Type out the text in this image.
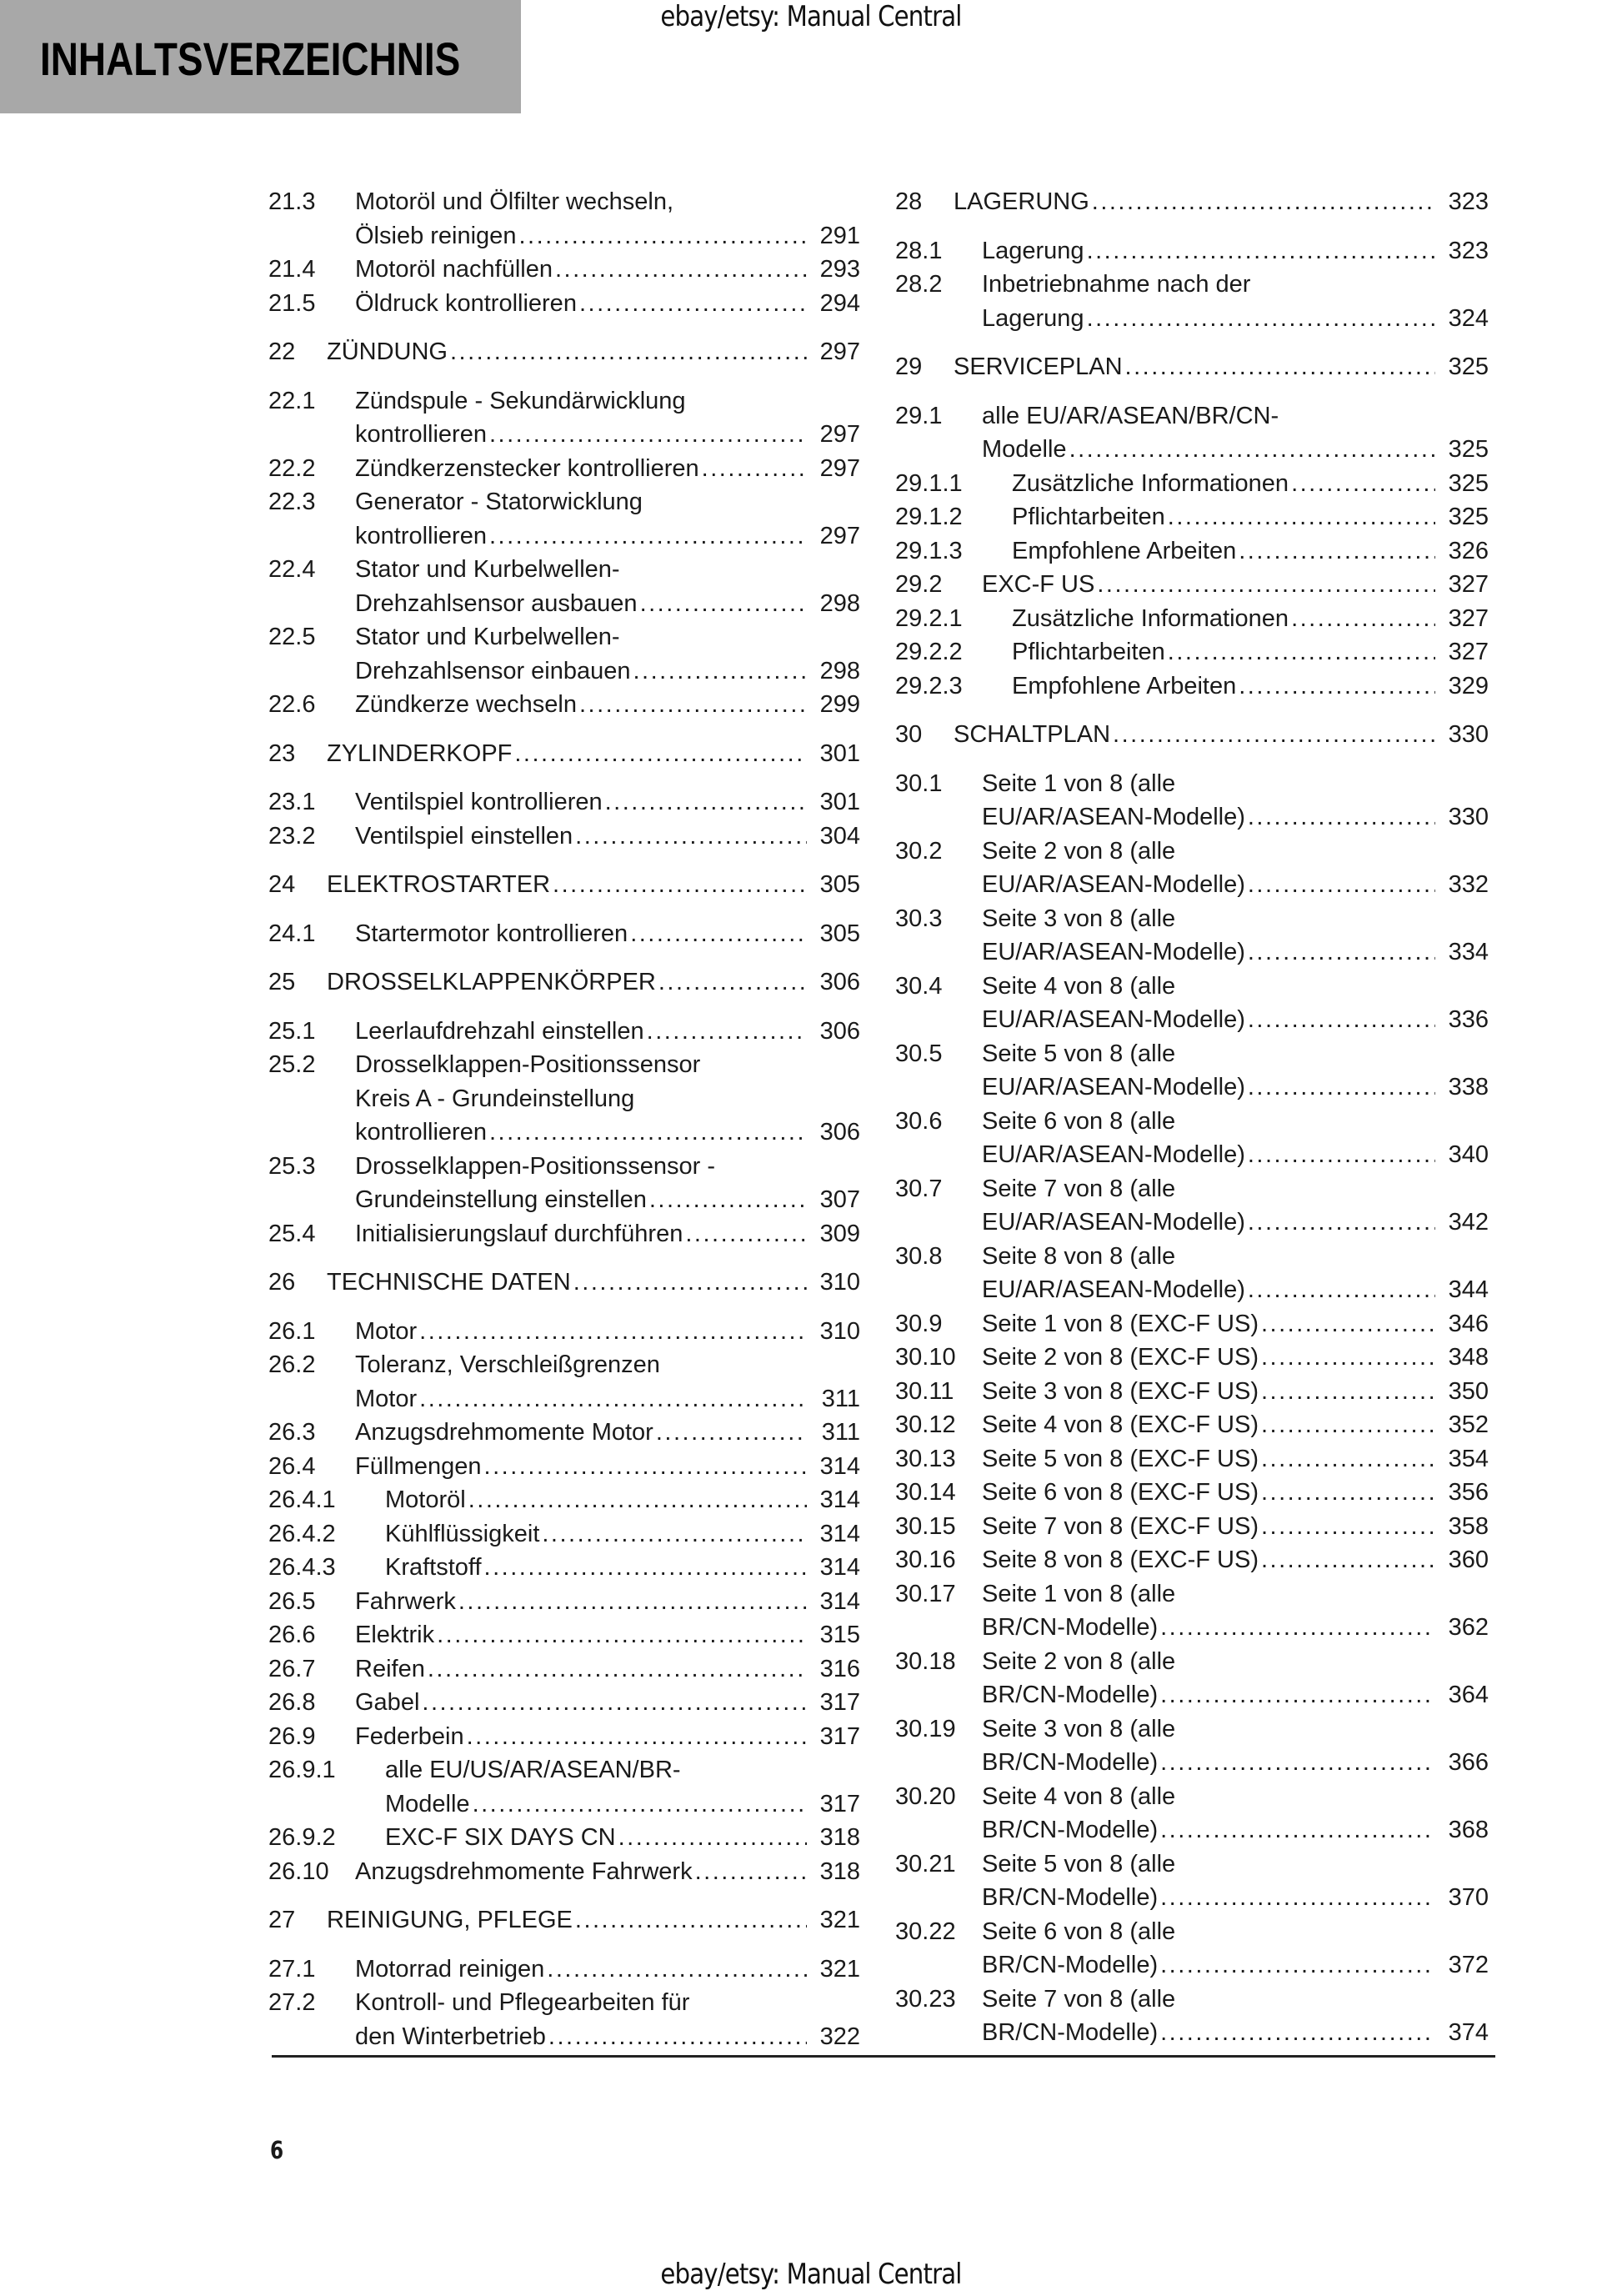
ebay/etsy: Manual Central
INHALTSVERZEICHNIS
21.3	Motoröl und Ölfilter wechseln,
Ölsieb reinigen .....	291
21.4	Motoröl nachfüllen .....	293
21.5	Öldruck kontrollieren .....	294
22	ZÜNDUNG .....	297
22.1	Zündspule - Sekundärwicklung
kontrollieren .....	297
22.2	Zündkerzenstecker kontrollieren .....	297
22.3	Generator - Statorwicklung
kontrollieren .....	297
22.4	Stator und Kurbelwellen-
Drehzahlsensor ausbauen .....	298
22.5	Stator und Kurbelwellen-
Drehzahlsensor einbauen .....	298
22.6	Zündkerze wechseln .....	299
23	ZYLINDERKOPF .....	301
23.1	Ventilspiel kontrollieren .....	301
23.2	Ventilspiel einstellen .....	304
24	ELEKTROSTARTER .....	305
24.1	Startermotor kontrollieren .....	305
25	DROSSELKLAPPENKÖRPER .....	306
25.1	Leerlaufdrehzahl einstellen .....	306
25.2	Drosselklappen-Positionssensor
Kreis A - Grundeinstellung
kontrollieren .....	306
25.3	Drosselklappen-Positionssensor -
Grundeinstellung einstellen .....	307
25.4	Initialisierungslauf durchführen .....	309
26	TECHNISCHE DATEN .....	310
26.1	Motor .....	310
26.2	Toleranz, Verschleißgrenzen
Motor .....	311
26.3	Anzugsdrehmomente Motor .....	311
26.4	Füllmengen .....	314
26.4.1	Motoröl .....	314
26.4.2	Kühlflüssigkeit .....	314
26.4.3	Kraftstoff .....	314
26.5	Fahrwerk .....	314
26.6	Elektrik .....	315
26.7	Reifen .....	316
26.8	Gabel .....	317
26.9	Federbein .....	317
26.9.1	alle EU/US/AR/ASEAN/BR-
Modelle .....	317
26.9.2	EXC-F SIX DAYS CN .....	318
26.10	Anzugsdrehmomente Fahrwerk .....	318
27	REINIGUNG, PFLEGE .....	321
27.1	Motorrad reinigen .....	321
27.2	Kontroll- und Pflegearbeiten für
den Winterbetrieb .....	322
28	LAGERUNG .....	323
28.1	Lagerung .....	323
28.2	Inbetriebnahme nach der
Lagerung .....	324
29	SERVICEPLAN .....	325
29.1	alle EU/AR/ASEAN/BR/CN-
Modelle .....	325
29.1.1	Zusätzliche Informationen .....	325
29.1.2	Pflichtarbeiten .....	325
29.1.3	Empfohlene Arbeiten .....	326
29.2	EXC-F US .....	327
29.2.1	Zusätzliche Informationen .....	327
29.2.2	Pflichtarbeiten .....	327
29.2.3	Empfohlene Arbeiten .....	329
30	SCHALTPLAN .....	330
30.1	Seite 1 von 8 (alle
EU/AR/ASEAN-Modelle) .....	330
30.2	Seite 2 von 8 (alle
EU/AR/ASEAN-Modelle) .....	332
30.3	Seite 3 von 8 (alle
EU/AR/ASEAN-Modelle) .....	334
30.4	Seite 4 von 8 (alle
EU/AR/ASEAN-Modelle) .....	336
30.5	Seite 5 von 8 (alle
EU/AR/ASEAN-Modelle) .....	338
30.6	Seite 6 von 8 (alle
EU/AR/ASEAN-Modelle) .....	340
30.7	Seite 7 von 8 (alle
EU/AR/ASEAN-Modelle) .....	342
30.8	Seite 8 von 8 (alle
EU/AR/ASEAN-Modelle) .....	344
30.9	Seite 1 von 8 (EXC-F US) .....	346
30.10	Seite 2 von 8 (EXC-F US) .....	348
30.11	Seite 3 von 8 (EXC-F US) .....	350
30.12	Seite 4 von 8 (EXC-F US) .....	352
30.13	Seite 5 von 8 (EXC-F US) .....	354
30.14	Seite 6 von 8 (EXC-F US) .....	356
30.15	Seite 7 von 8 (EXC-F US) .....	358
30.16	Seite 8 von 8 (EXC-F US) .....	360
30.17	Seite 1 von 8 (alle
BR/CN-Modelle) .....	362
30.18	Seite 2 von 8 (alle
BR/CN-Modelle) .....	364
30.19	Seite 3 von 8 (alle
BR/CN-Modelle) .....	366
30.20	Seite 4 von 8 (alle
BR/CN-Modelle) .....	368
30.21	Seite 5 von 8 (alle
BR/CN-Modelle) .....	370
30.22	Seite 6 von 8 (alle
BR/CN-Modelle) .....	372
30.23	Seite 7 von 8 (alle
BR/CN-Modelle) .....	374
6
ebay/etsy: Manual Central
